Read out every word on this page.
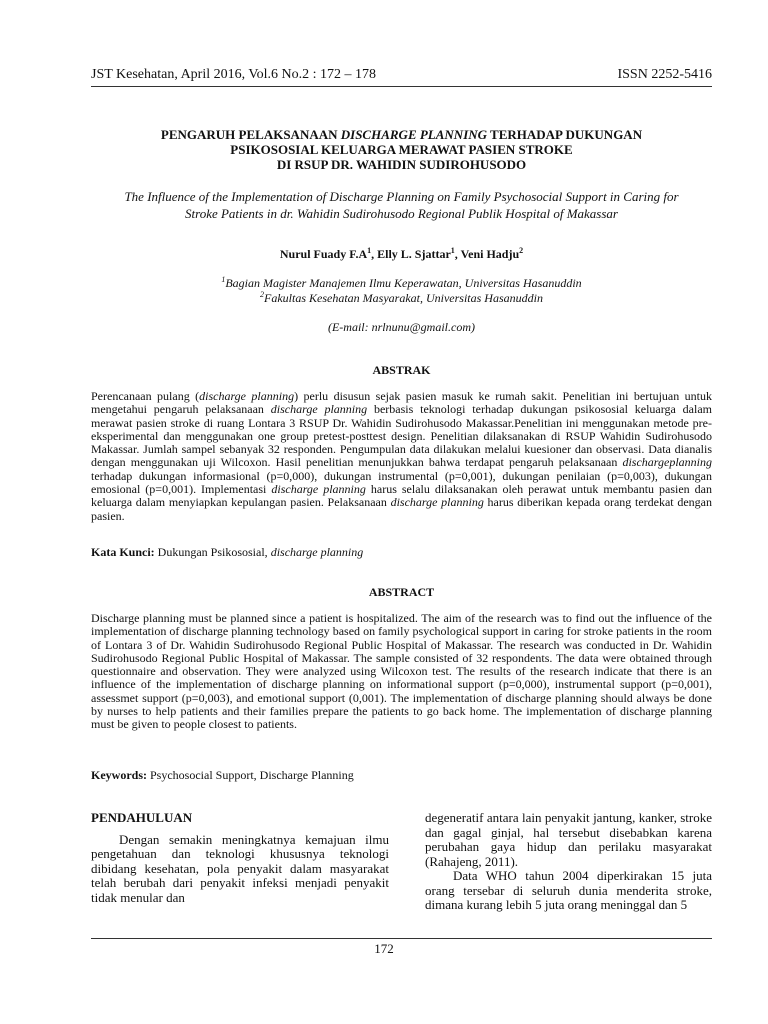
JST Kesehatan, April 2016, Vol.6 No.2 : 172 – 178	ISSN 2252-5416
PENGARUH PELAKSANAAN DISCHARGE PLANNING TERHADAP DUKUNGAN
PSIKOSOSIAL KELUARGA MERAWAT PASIEN STROKE
DI RSUP DR. WAHIDIN SUDIROHUSODO
The Influence of the Implementation of Discharge Planning on Family Psychosocial Support in Caring for
Stroke Patients in dr. Wahidin Sudirohusodo Regional Publik Hospital of Makassar
Nurul Fuady $F.A^1$, Elly L. Sjattar$^1$, Veni Hadju$^2$
$^1$Bagian Magister Manajemen Ilmu Keperawatan, Universitas Hasanuddin
$^2$Fakultas Kesehatan Masyarakat, Universitas Hasanuddin
(E-mail: nrlnunu@gmail.com)
ABSTRAK
Perencanaan pulang (discharge planning) perlu disusun sejak pasien masuk ke rumah sakit. Penelitian ini bertujuan untuk mengetahui pengaruh pelaksanaan discharge planning berbasis teknologi terhadap dukungan psikososial keluarga dalam merawat pasien stroke di ruang Lontara 3 RSUP Dr. Wahidin Sudirohusodo Makassar.Penelitian ini menggunakan metode pre-eksperimental dan menggunakan one group pretest-posttest design. Penelitian dilaksanakan di RSUP Wahidin Sudirohusodo Makassar. Jumlah sampel sebanyak 32 responden. Pengumpulan data dilakukan melalui kuesioner dan observasi. Data dianalis dengan menggunakan uji Wilcoxon. Hasil penelitian menunjukkan bahwa terdapat pengaruh pelaksanaan dischargeplanning terhadap dukungan informasional (p=0,000), dukungan instrumental (p=0,001), dukungan penilaian (p=0,003), dukungan emosional (p=0,001). Implementasi discharge planning harus selalu dilaksanakan oleh perawat untuk membantu pasien dan keluarga dalam menyiapkan kepulangan pasien. Pelaksanaan discharge planning harus diberikan kepada orang terdekat dengan pasien.
Kata Kunci: Dukungan Psikososial, discharge planning
ABSTRACT
Discharge planning must be planned since a patient is hospitalized. The aim of the research was to find out the influence of the implementation of discharge planning technology based on family psychological support in caring for stroke patients in the room of Lontara 3 of Dr. Wahidin Sudirohusodo Regional Public Hospital of Makassar. The research was conducted in Dr. Wahidin Sudirohusodo Regional Public Hospital of Makassar. The sample consisted of 32 respondents. The data were obtained through questionnaire and observation. They were analyzed using Wilcoxon test. The results of the research indicate that there is an influence of the implementation of discharge planning on informational support (p=0,000), instrumental support (p=0,001), assessmet support (p=0,003), and emotional support (0,001). The implementation of discharge planning should always be done by nurses to help patients and their families prepare the patients to go back home. The implementation of discharge planning must be given to people closest to patients.
Keywords: Psychosocial Support, Discharge Planning
PENDAHULUAN
Dengan semakin meningkatnya kemajuan ilmu pengetahuan dan teknologi khususnya teknologi dibidang kesehatan, pola penyakit dalam masyarakat telah berubah dari penyakit infeksi menjadi penyakit tidak menular dan
degeneratif antara lain penyakit jantung, kanker, stroke dan gagal ginjal, hal tersebut disebabkan karena perubahan gaya hidup dan perilaku masyarakat (Rahajeng, 2011).
Data WHO tahun 2004 diperkirakan 15 juta orang tersebar di seluruh dunia menderita stroke, dimana kurang lebih 5 juta orang meninggal dan 5
172
